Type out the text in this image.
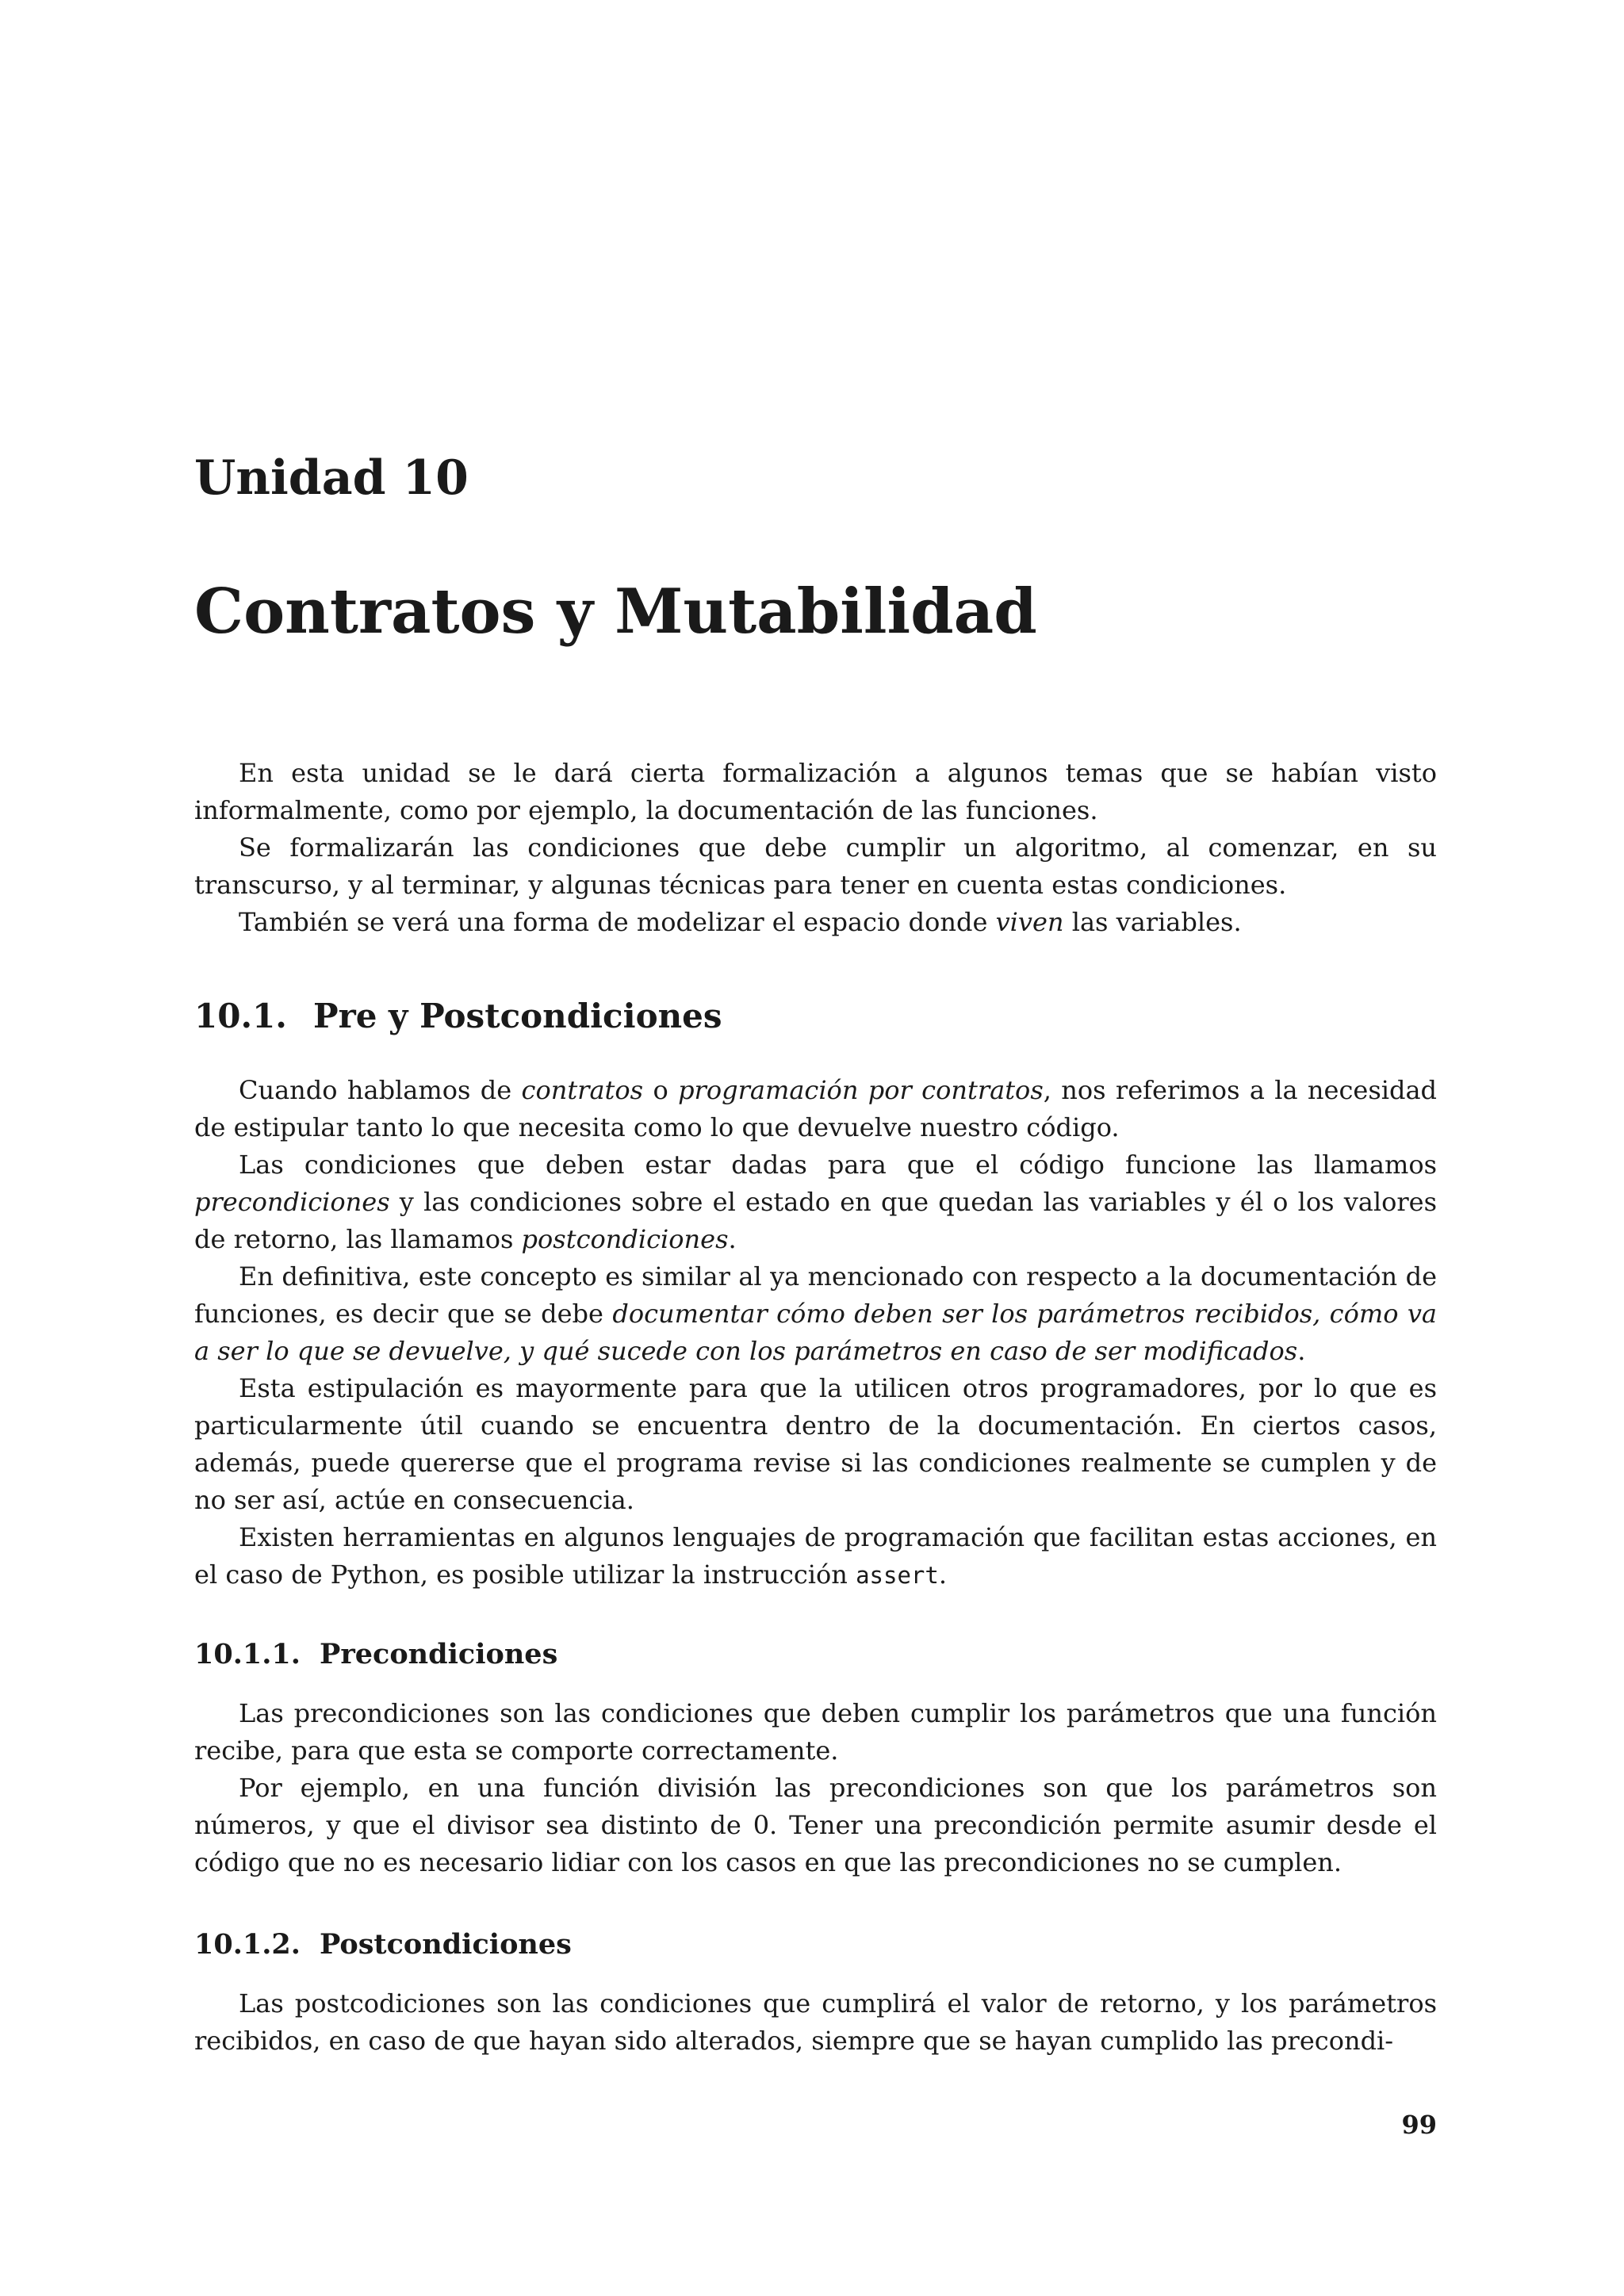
Unidad 10
Contratos y Mutabilidad

En esta unidad se le dará cierta formalización a algunos temas que se habían visto informalmente, como por ejemplo, la documentación de las funciones.

Se formalizarán las condiciones que debe cumplir un algoritmo, al comenzar, en su transcurso, y al terminar, y algunas técnicas para tener en cuenta estas condiciones.

También se verá una forma de modelizar el espacio donde viven las variables.

10.1. Pre y Postcondiciones

Cuando hablamos de contratos o programación por contratos, nos referimos a la necesidad de estipular tanto lo que necesita como lo que devuelve nuestro código.

Las condiciones que deben estar dadas para que el código funcione las llamamos precondiciones y las condiciones sobre el estado en que quedan las variables y él o los valores de retorno, las llamamos postcondiciones.

En definitiva, este concepto es similar al ya mencionado con respecto a la documentación de funciones, es decir que se debe documentar cómo deben ser los parámetros recibidos, cómo va a ser lo que se devuelve, y qué sucede con los parámetros en caso de ser modificados.

Esta estipulación es mayormente para que la utilicen otros programadores, por lo que es particularmente útil cuando se encuentra dentro de la documentación. En ciertos casos, además, puede quererse que el programa revise si las condiciones realmente se cumplen y de no ser así, actúe en consecuencia.

Existen herramientas en algunos lenguajes de programación que facilitan estas acciones, en el caso de Python, es posible utilizar la instrucción assert.

10.1.1. Precondiciones

Las precondiciones son las condiciones que deben cumplir los parámetros que una función recibe, para que esta se comporte correctamente.

Por ejemplo, en una función división las precondiciones son que los parámetros son números, y que el divisor sea distinto de 0. Tener una precondición permite asumir desde el código que no es necesario lidiar con los casos en que las precondiciones no se cumplen.

10.1.2. Postcondiciones

Las postcodiciones son las condiciones que cumplirá el valor de retorno, y los parámetros recibidos, en caso de que hayan sido alterados, siempre que se hayan cumplido las precondi-

99
